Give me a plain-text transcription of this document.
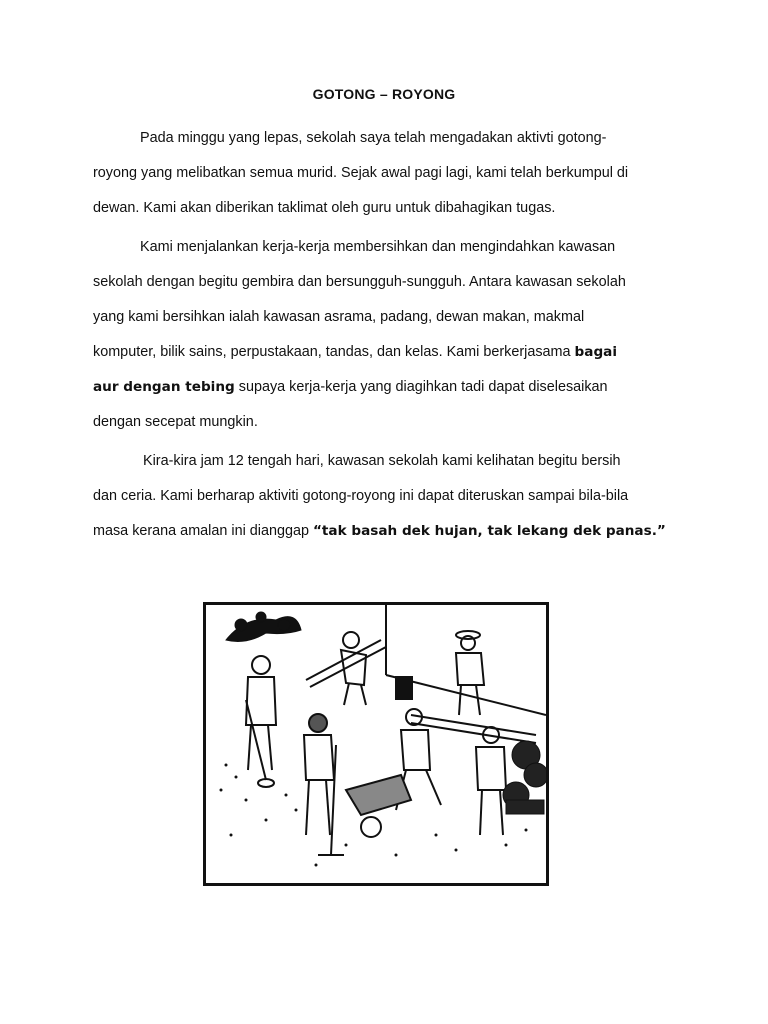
GOTONG – ROYONG
Pada minggu yang lepas, sekolah saya telah mengadakan aktivti gotong-
royong yang melibatkan semua murid. Sejak awal pagi lagi, kami telah berkumpul di
dewan. Kami akan diberikan taklimat oleh guru untuk dibahagikan tugas.
Kami menjalankan kerja-kerja membersihkan dan mengindahkan kawasan
sekolah dengan begitu gembira dan bersungguh-sungguh. Antara kawasan sekolah
yang kami bersihkan ialah kawasan asrama, padang, dewan makan, makmal
komputer, bilik sains, perpustakaan, tandas, dan kelas. Kami berkerjasama bagai
aur dengan tebing supaya kerja-kerja yang diagihkan tadi dapat diselesaikan
dengan secepat mungkin.
Kira-kira jam 12 tengah hari, kawasan sekolah kami kelihatan begitu bersih
dan ceria. Kami berharap aktiviti gotong-royong ini dapat diteruskan sampai bila-bila
masa kerana amalan ini dianggap “tak basah dek hujan, tak lekang dek panas.”
